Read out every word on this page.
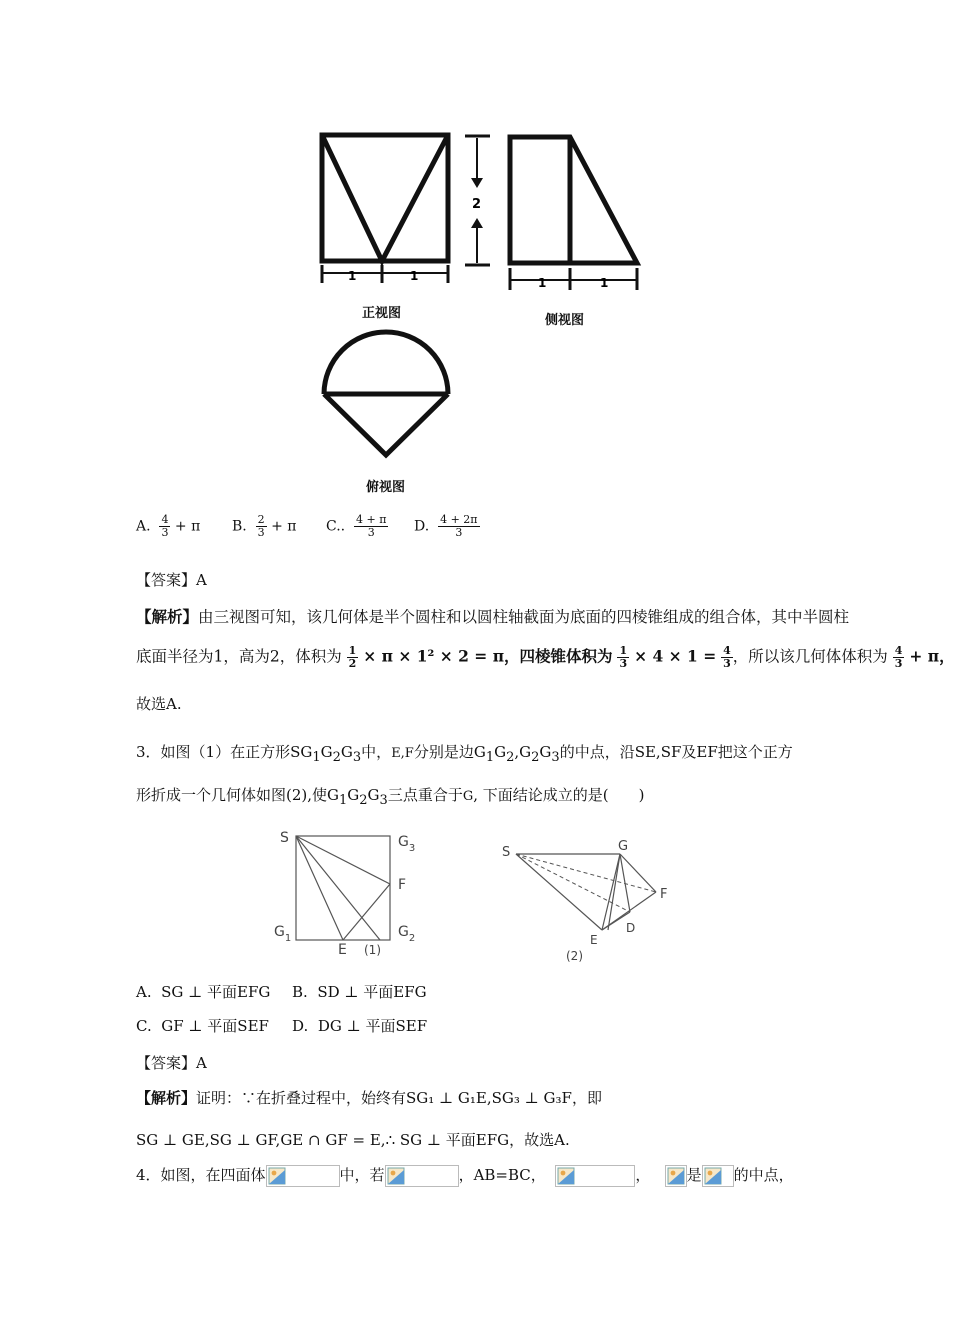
1	1
2
1	1
正视图	侧视图
俯视图
A. $\frac{4}{3} + \pi$ B. $\frac{2}{3} + \pi$ C.. $\frac{4 + \pi}{3} D$. $\frac{4 + 2\pi}{3}$
【答案】A
【解析】由三视图可知，该几何体是半个圆柱和以圆柱轴截面为底面的四棱锥组成的组合体，其中半圆柱
底面半径为1，高为2，体积为 $\frac{1}{2} \times \pi \times 1^2 \times 2 = \pi$，四棱锥体积为 $\frac{1}{3} \times 4 \times 1 = \frac{4}{3}$ ，所以该几何体体积为 $\frac{4}{3} + \pi$，
故选A.
3．如图（1）在正方形$SG_1G_2G_3$中，E,F分别是边$G_1G_2,G_2G_3$的中点，沿SE,SF及EF把这个正方
形折成一个几何体如图(2),使$G_1G_2G_3$三点重合于G, 下面结论成立的是(　　)
S	$G_3$
F
$G_1$
E (1)
$G_2$
S	G
F
E
D
(2)
A. SG ⊥ 平面EFG B. SD ⊥ 平面EFG
C. GF ⊥ 平面SEF D. DG ⊥ 平面SEF
【答案】A
【解析】证明：∵在折叠过程中，始终有SG₁ ⊥ G₁E,SG₃ ⊥ G₃F，即
SG ⊥ GE,SG ⊥ GF,GE ∩ GF = E,∴ SG ⊥ 平面EFG，故选A.
4．如图，在四面体	中，若	，AB=BC，	， 是 的中点，
